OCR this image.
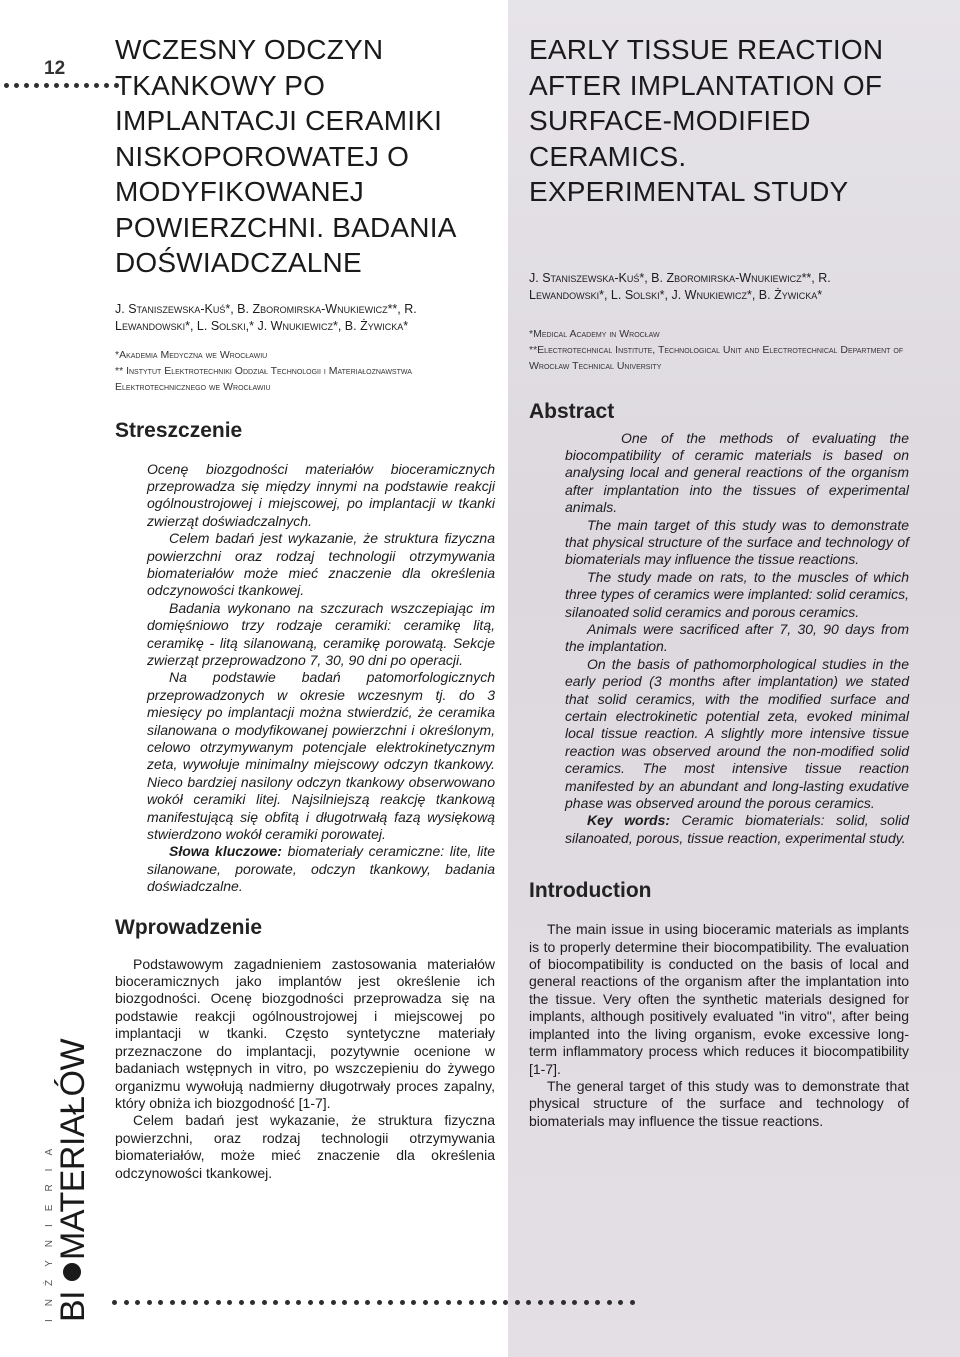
12
WCZESNY ODCZYN TKANKOWY PO IMPLANTACJI CERAMIKI NISKOPOROWATEJ O MODYFIKOWANEJ POWIERZCHNI. BADANIA DOŚWIADCZALNE

J. Staniszewska-Kuś*, B. Zboromirska-Wnukiewicz**, R. Lewandowski*, L. Solski,* J. Wnukiewicz*, B. Żywicka*

*Akademia Medyczna we Wrocławiu

** Instytut Elektrotechniki Oddział Technologii i Materiałoznawstwa Elektrotechnicznego we Wrocławiu

Streszczenie

Ocenę biozgodności materiałów bioceramicznych przeprowadza się między innymi na podstawie reakcji ogólnoustrojowej i miejscowej, po implantacji w tkanki zwierząt doświadczalnych.

Celem badań jest wykazanie, że struktura fizyczna powierzchni oraz rodzaj technologii otrzymywania biomateriałów może mieć znaczenie dla określenia odczynowości tkankowej.

Badania wykonano na szczurach wszczepiając im domięśniowo trzy rodzaje ceramiki: ceramikę litą, ceramikę - litą silanowaną, ceramikę porowatą. Sekcje zwierząt przeprowadzono 7, 30, 90 dni po operacji.

Na podstawie badań patomorfologicznych przeprowadzonych w okresie wczesnym tj. do 3 miesięcy po implantacji można stwierdzić, że ceramika silanowana o modyfikowanej powierzchni i określonym, celowo otrzymywanym potencjale elektrokinetycznym zeta, wywołuje minimalny miejscowy odczyn tkankowy. Nieco bardziej nasilony odczyn tkankowy obserwowano wokół ceramiki litej. Najsilniejszą reakcję tkankową manifestującą się obfitą i długotrwałą fazą wysiękową stwierdzono wokół ceramiki porowatej.

Słowa kluczowe: biomateriały ceramiczne: lite, lite silanowane, porowate, odczyn tkankowy, badania doświadczalne.

Wprowadzenie

Podstawowym zagadnieniem zastosowania materiałów bioceramicznych jako implantów jest określenie ich biozgodności. Ocenę biozgodności przeprowadza się na podstawie reakcji ogólnoustrojowej i miejscowej po implantacji w tkanki. Często syntetyczne materiały przeznaczone do implantacji, pozytywnie ocenione w badaniach wstępnych in vitro, po wszczepieniu do żywego organizmu wywołują nadmierny długotrwały proces zapalny, który obniża ich biozgodność [1-7].

Celem badań jest wykazanie, że struktura fizyczna powierzchni, oraz rodzaj technologii otrzymywania biomateriałów, może mieć znaczenie dla określenia odczynowości tkankowej.

EARLY TISSUE REACTION AFTER IMPLANTATION OF SURFACE-MODIFIED CERAMICS. EXPERIMENTAL STUDY

J. Staniszewska-Kuś*, B. Zboromirska-Wnukiewicz**, R. Lewandowski*, L. Solski*, J. Wnukiewicz*, B. Żywicka*

*Medical Academy in Wrocław

**Electrotechnical Institute, Technological Unit and Electrotechnical Department of Wrocław Technical University

Abstract

One of the methods of evaluating the biocompatibility of ceramic materials is based on analysing local and general reactions of the organism after implantation into the tissues of experimental animals.

The main target of this study was to demonstrate that physical structure of the surface and technology of biomaterials may influence the tissue reactions.

The study made on rats, to the muscles of which three types of ceramics were implanted: solid ceramics, silanoated solid ceramics and porous ceramics.

Animals were sacrificed after 7, 30, 90 days from the implantation.

On the basis of pathomorphological studies in the early period (3 months after implantation) we stated that solid ceramics, with the modified surface and certain electrokinetic potential zeta, evoked minimal local tissue reaction. A slightly more intensive tissue reaction was observed around the non-modified solid ceramics. The most intensive tissue reaction manifested by an abundant and long-lasting exudative phase was observed around the porous ceramics.

Key words: Ceramic biomaterials: solid, solid silanoated, porous, tissue reaction, experimental study.

Introduction

The main issue in using bioceramic materials as implants is to properly determine their biocompatibility. The evaluation of biocompatibility is conducted on the basis of local and general reactions of the organism after the implantation into the tissue. Very often the synthetic materials designed for implants, although positively evaluated "in vitro", after being implanted into the living organism, evoke excessive long-term inflammatory process which reduces it biocompatibility [1-7].

The general target of this study was to demonstrate that physical structure of the surface and technology of biomaterials may influence the tissue reactions.

BI
MATERIAŁÓW
INŻYNIERIA
